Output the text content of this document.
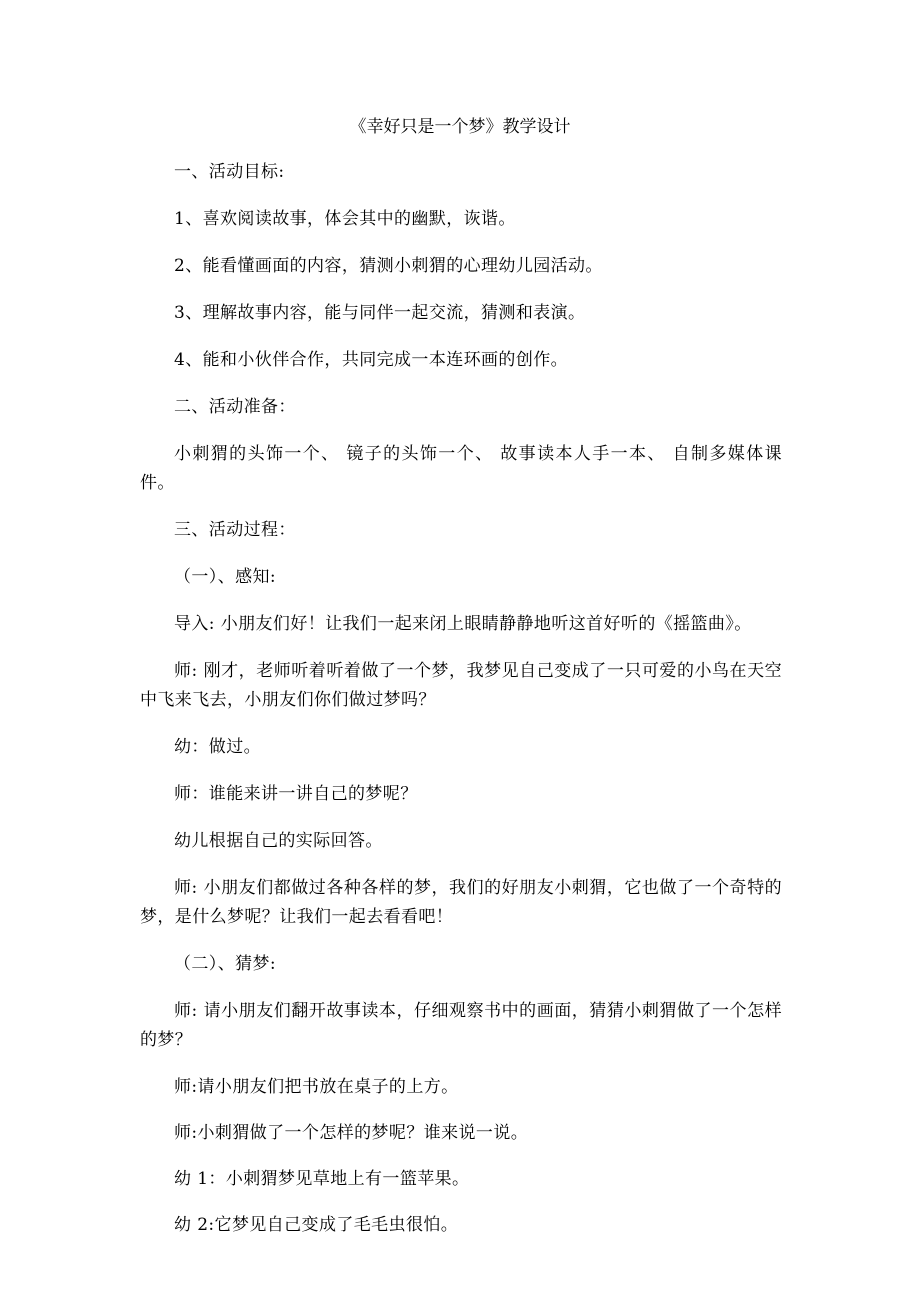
《幸好只是一个梦》教学设计

一、活动目标:

1、喜欢阅读故事，体会其中的幽默，诙谐。

2、能看懂画面的内容，猜测小刺猬的心理幼儿园活动。

3、理解故事内容，能与同伴一起交流，猜测和表演。

4、能和小伙伴合作，共同完成一本连环画的创作。

二、活动准备：

小刺猬的头饰一个、 镜子的头饰一个、 故事读本人手一本、 自制多媒体课件。

三、活动过程：

（一）、感知:

导入: 小朋友们好！让我们一起来闭上眼睛静静地听这首好听的《摇篮曲》。

师: 刚才，老师听着听着做了一个梦，我梦见自己变成了一只可爱的小鸟在天空中飞来飞去，小朋友们你们做过梦吗？

幼：做过。

师：谁能来讲一讲自己的梦呢？

幼儿根据自己的实际回答。

师: 小朋友们都做过各种各样的梦，我们的好朋友小刺猬，它也做了一个奇特的梦，是什么梦呢？让我们一起去看看吧！

（二）、猜梦:

师: 请小朋友们翻开故事读本，仔细观察书中的画面，猜猜小刺猬做了一个怎样的梦？

师:请小朋友们把书放在桌子的上方。

师:小刺猬做了一个怎样的梦呢？谁来说一说。

幼 1：小刺猬梦见草地上有一篮苹果。

幼 2:它梦见自己变成了毛毛虫很怕。
